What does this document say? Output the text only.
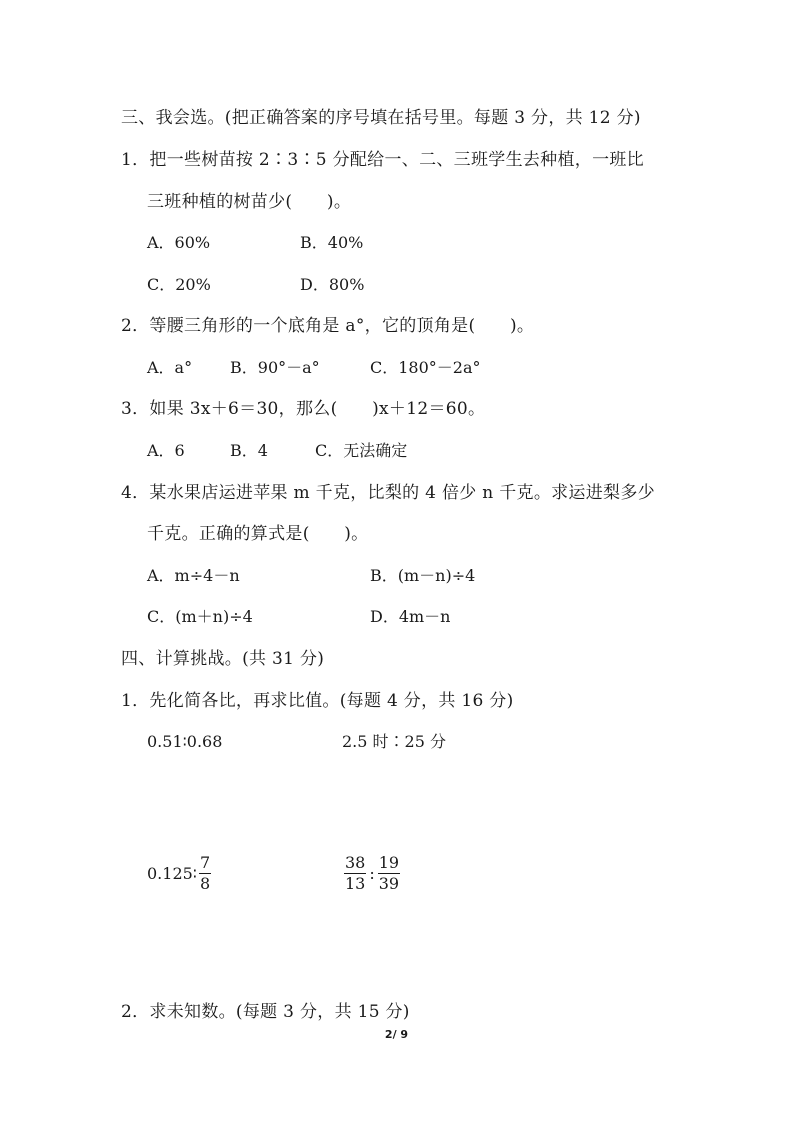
三、我会选。(把正确答案的序号填在括号里。每题 3 分，共 12 分)
1．把一些树苗按 2∶3∶5 分配给一、二、三班学生去种植，一班比
三班种植的树苗少(　　)。
A．60%	B．40%
C．20%	D．80%
2．等腰三角形的一个底角是 a°，它的顶角是(　　)。
A．a° B．90°－a°	C．180°－2a°
3．如果 3x＋6＝30，那么(　　)x＋12＝60。
A．6	B．4	C．无法确定
4．某水果店运进苹果 m 千克，比梨的 4 倍少 n 千克。求运进梨多少
千克。正确的算式是(　　)。
A．m÷4－n	B．(m－n)÷4
C．(m＋n)÷4	D．4m－n
四、计算挑战。(共 31 分)
1．先化简各比，再求比值。(每题 4 分，共 16 分)
0.51∶0.68	2.5 时∶25 分
0.125∶ $\frac{7}{8}$	$\frac{38}{13}$ : $\frac{19}{39}$
2．求未知数。(每题 3 分，共 15 分)
2/ 9
